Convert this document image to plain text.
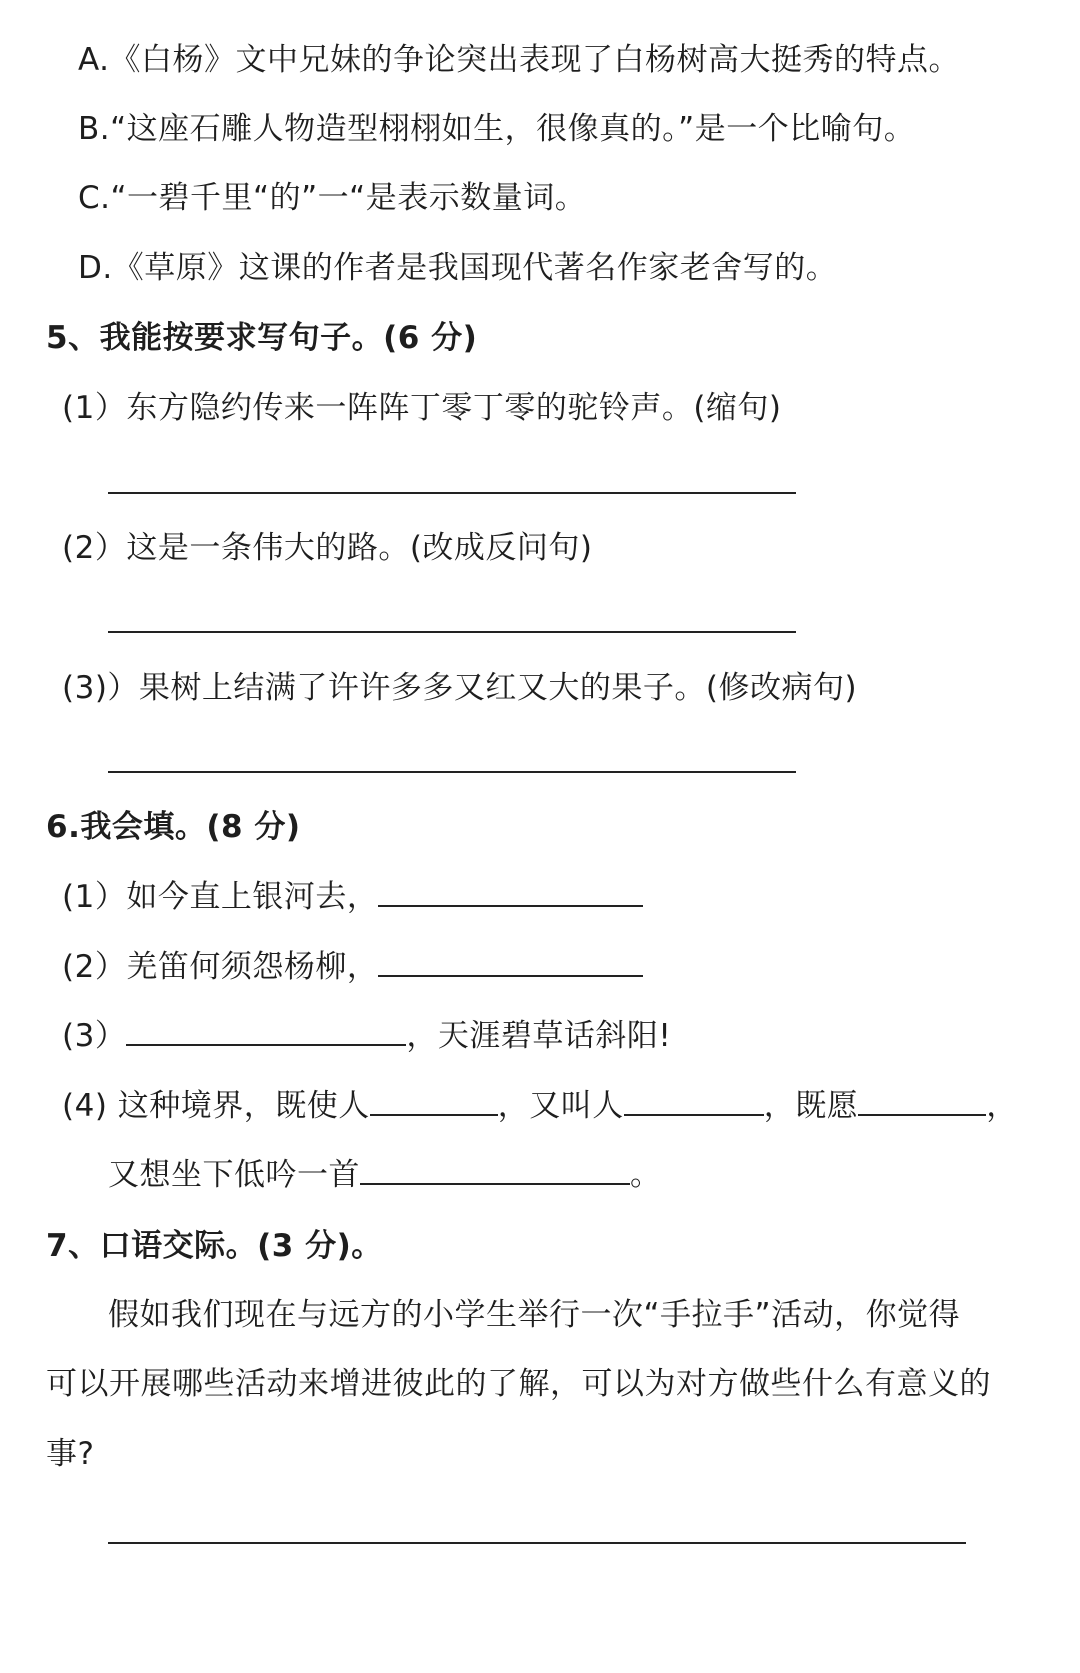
A.《白杨》文中兄妹的争论突出表现了白杨树高大挺秀的特点。
B.“这座石雕人物造型栩栩如生，很像真的。”是一个比喻句。
C.“一碧千里“的”一“是表示数量词。
D.《草原》这课的作者是我国现代著名作家老舍写的。
5、我能按要求写句子。(6 分)
(1）东方隐约传来一阵阵丁零丁零的驼铃声。(缩句)
(2）这是一条伟大的路。(改成反问句)
(3)）果树上结满了许许多多又红又大的果子。(修改病句)
6.我会填。(8 分)
(1）如今直上银河去，
(2）羌笛何须怨杨柳，
(3）	，天涯碧草话斜阳!
(4) 这种境界，既使人	，又叫人	，既愿	，
又想坐下低吟一首	。
7、口语交际。(3 分)。
假如我们现在与远方的小学生举行一次“手拉手”活动，你觉得
可以开展哪些活动来增进彼此的了解，可以为对方做些什么有意义的
事?
